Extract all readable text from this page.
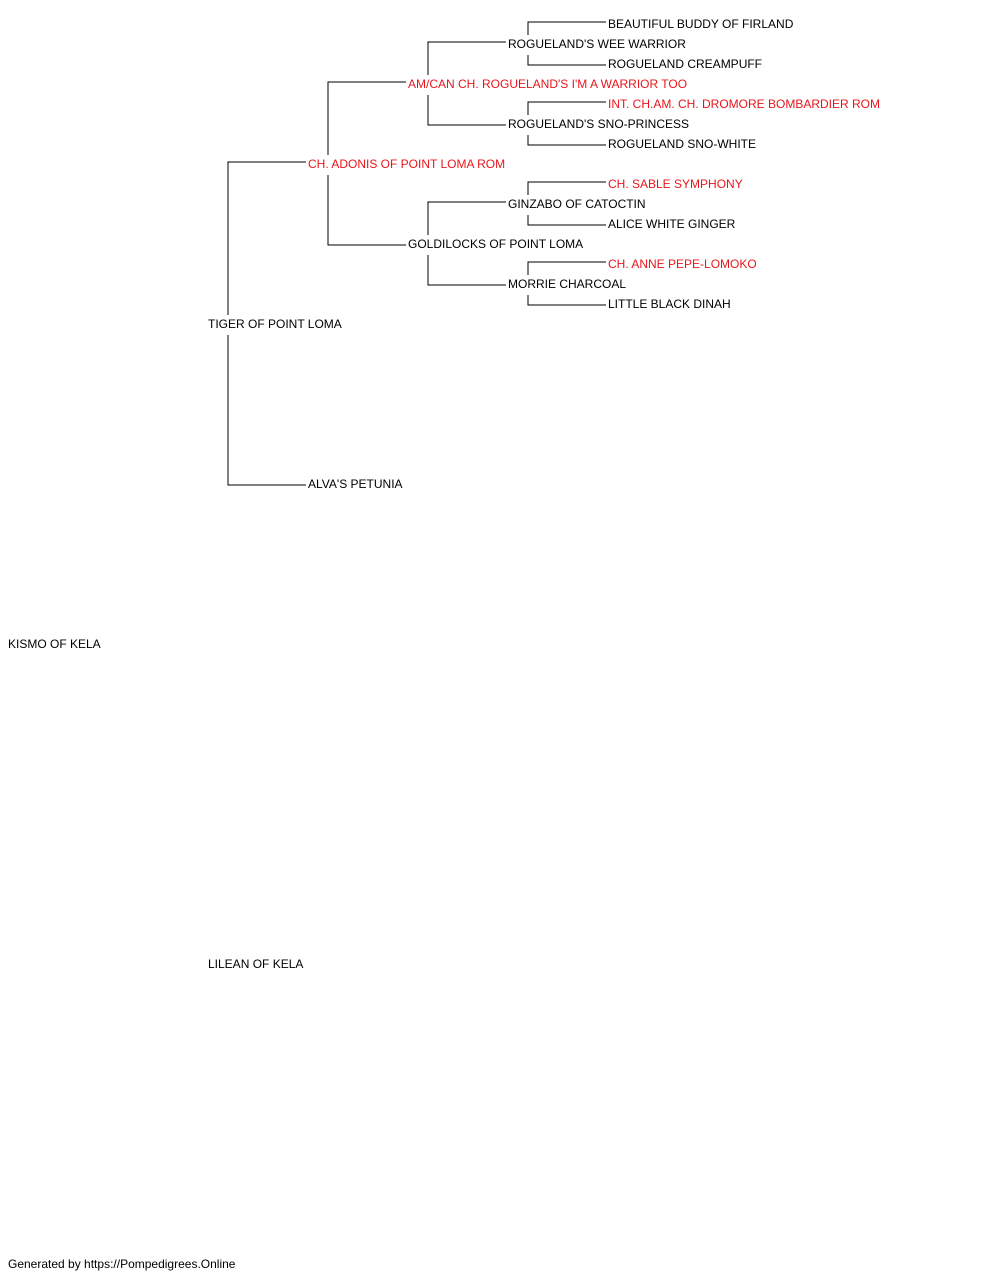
BEAUTIFUL BUDDY OF FIRLAND
ROGUELAND CREAMPUFF
INT. CH.AM. CH. DROMORE BOMBARDIER ROM
ROGUELAND SNO-WHITE
CH. SABLE SYMPHONY
ALICE WHITE GINGER
CH. ANNE PEPE-LOMOKO
LITTLE BLACK DINAH
ROGUELAND'S WEE WARRIOR
ROGUELAND'S SNO-PRINCESS
GINZABO OF CATOCTIN
MORRIE CHARCOAL
AM/CAN CH. ROGUELAND'S I'M A WARRIOR TOO
GOLDILOCKS OF POINT LOMA
CH. ADONIS OF POINT LOMA ROM
ALVA'S PETUNIA
TIGER OF POINT LOMA
LILEAN OF KELA
KISMO OF KELA
Generated by https://Pompedigrees.Online
